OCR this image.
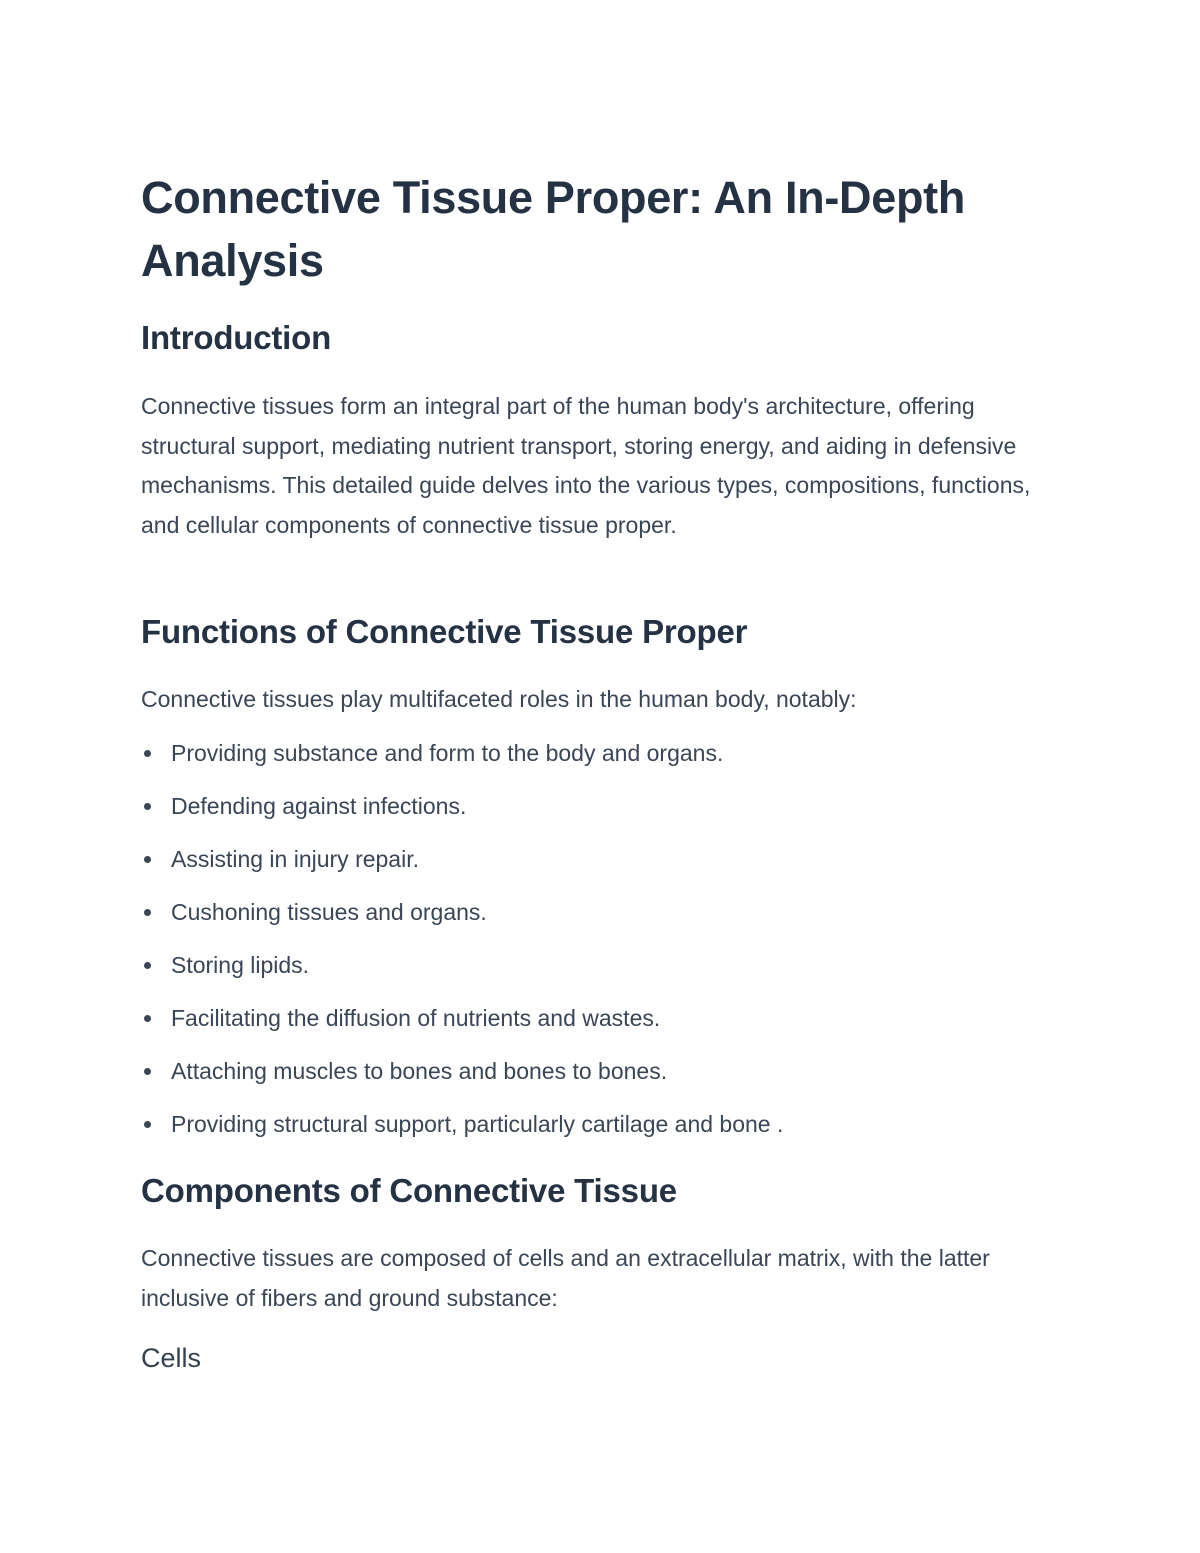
Connective Tissue Proper: An In-Depth Analysis
Introduction

Connective tissues form an integral part of the human body's architecture, offering structural support, mediating nutrient transport, storing energy, and aiding in defensive mechanisms. This detailed guide delves into the various types, compositions, functions, and cellular components of connective tissue proper.

Functions of Connective Tissue Proper

Connective tissues play multifaceted roles in the human body, notably:

Providing substance and form to the body and organs.
Defending against infections.
Assisting in injury repair.
Cushoning tissues and organs.
Storing lipids.
Facilitating the diffusion of nutrients and wastes.
Attaching muscles to bones and bones to bones.
Providing structural support, particularly cartilage and bone .
Components of Connective Tissue

Connective tissues are composed of cells and an extracellular matrix, with the latter inclusive of fibers and ground substance:

Cells
